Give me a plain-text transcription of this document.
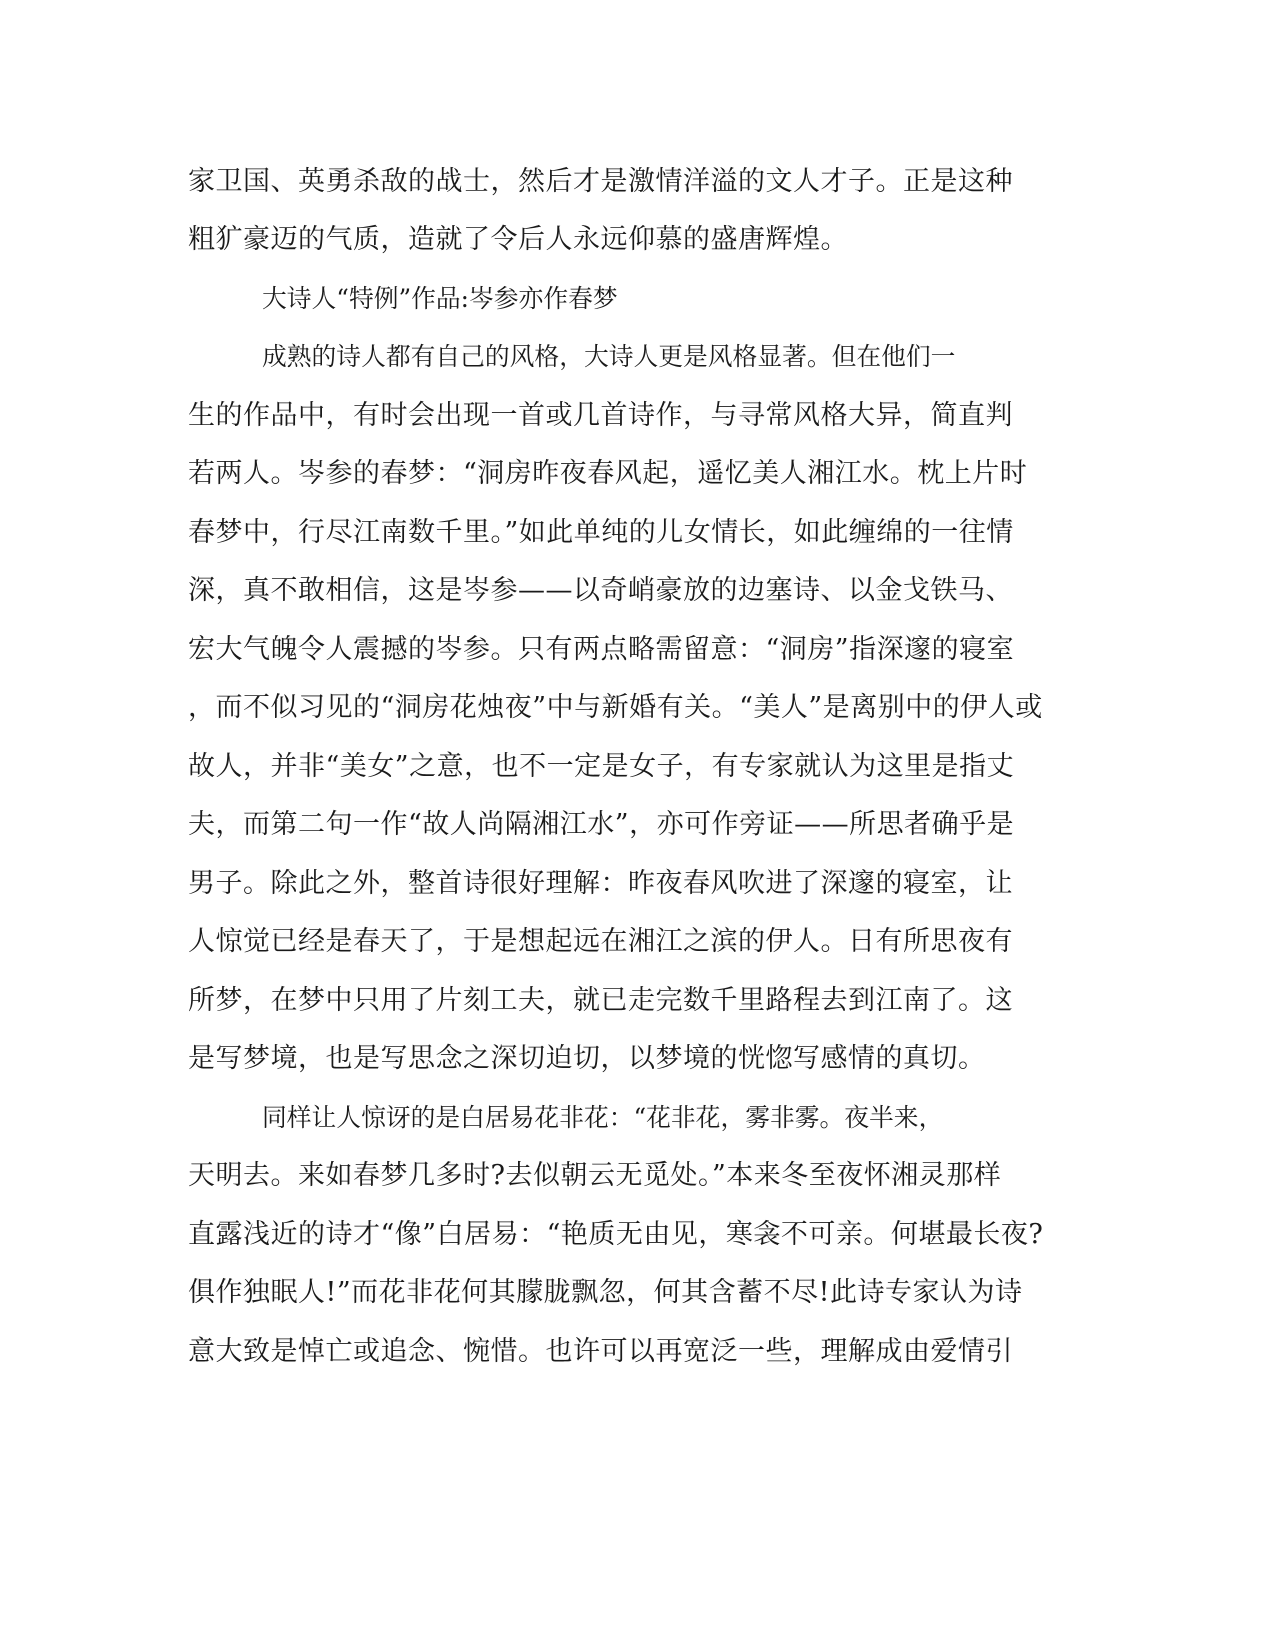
家卫国、英勇杀敌的战士，然后才是激情洋溢的文人才子。正是这种
粗犷豪迈的气质，造就了令后人永远仰慕的盛唐辉煌。
大诗人“特例”作品:岑参亦作春梦
成熟的诗人都有自己的风格，大诗人更是风格显著。但在他们一
生的作品中，有时会出现一首或几首诗作，与寻常风格大异，简直判
若两人。岑参的春梦：“洞房昨夜春风起，遥忆美人湘江水。枕上片时
春梦中，行尽江南数千里。”如此单纯的儿女情长，如此缠绵的一往情
深，真不敢相信，这是岑参——以奇峭豪放的边塞诗、以金戈铁马、
宏大气魄令人震撼的岑参。只有两点略需留意：“洞房”指深邃的寝室
，而不似习见的“洞房花烛夜”中与新婚有关。“美人”是离别中的伊人或
故人，并非“美女”之意，也不一定是女子，有专家就认为这里是指丈
夫，而第二句一作“故人尚隔湘江水”，亦可作旁证——所思者确乎是
男子。除此之外，整首诗很好理解：昨夜春风吹进了深邃的寝室，让
人惊觉已经是春天了，于是想起远在湘江之滨的伊人。日有所思夜有
所梦，在梦中只用了片刻工夫，就已走完数千里路程去到江南了。这
是写梦境，也是写思念之深切迫切，以梦境的恍惚写感情的真切。
同样让人惊讶的是白居易花非花：“花非花，雾非雾。夜半来，
天明去。来如春梦几多时?去似朝云无觅处。”本来冬至夜怀湘灵那样
直露浅近的诗才“像”白居易：“艳质无由见，寒衾不可亲。何堪最长夜?
俱作独眠人!”而花非花何其朦胧飘忽，何其含蓄不尽!此诗专家认为诗
意大致是悼亡或追念、惋惜。也许可以再宽泛一些，理解成由爱情引
